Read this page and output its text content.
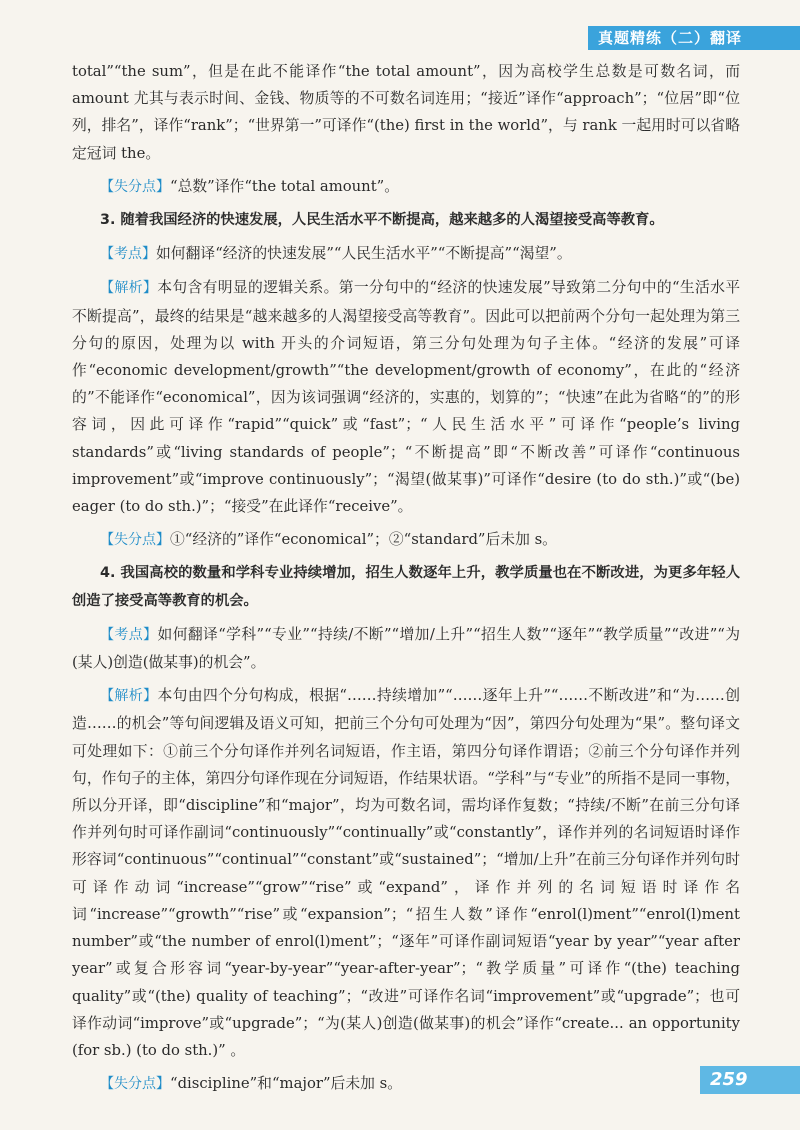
真题精练（二）翻译

total”“the sum”，但是在此不能译作“the total amount”，因为高校学生总数是可数名词，而amount 尤其与表示时间、金钱、物质等的不可数名词连用；“接近”译作“approach”；“位居”即“位列，排名”，译作“rank”；“世界第一”可译作“(the) first in the world”，与 rank 一起用时可以省略定冠词 the。

【失分点】“总数”译作“the total amount”。

3. 随着我国经济的快速发展，人民生活水平不断提高，越来越多的人渴望接受高等教育。

【考点】如何翻译“经济的快速发展”“人民生活水平”“不断提高”“渴望”。

【解析】本句含有明显的逻辑关系。第一分句中的“经济的快速发展”导致第二分句中的“生活水平不断提高”，最终的结果是“越来越多的人渴望接受高等教育”。因此可以把前两个分句一起处理为第三分句的原因，处理为以 with 开头的介词短语，第三分句处理为句子主体。“经济的发展”可译作“economic development/growth”“the development/growth of economy”，在此的“经济的”不能译作“economical”，因为该词强调“经济的，实惠的，划算的”；“快速”在此为省略“的”的形容词，因此可译作“rapid”“quick”或“fast”；“人民生活水平”可译作“people’s living standards”或“living standards of people”；“不断提高”即“不断改善”可译作“continuous improvement”或“improve continuously”；“渴望(做某事)”可译作“desire (to do sth.)”或“(be) eager (to do sth.)”；“接受”在此译作“receive”。

【失分点】①“经济的”译作“economical”；②“standard”后未加 s。

4. 我国高校的数量和学科专业持续增加，招生人数逐年上升，教学质量也在不断改进，为更多年轻人创造了接受高等教育的机会。

【考点】如何翻译“学科”“专业”“持续/不断”“增加/上升”“招生人数”“逐年”“教学质量”“改进”“为(某人)创造(做某事)的机会”。

【解析】本句由四个分句构成，根据“……持续增加”“……逐年上升”“……不断改进”和“为……创造……的机会”等句间逻辑及语义可知，把前三个分句可处理为“因”，第四分句处理为“果”。整句译文可处理如下：①前三个分句译作并列名词短语，作主语，第四分句译作谓语；②前三个分句译作并列句，作句子的主体，第四分句译作现在分词短语，作结果状语。“学科”与“专业”的所指不是同一事物，所以分开译，即“discipline”和“major”，均为可数名词，需均译作复数；“持续/不断”在前三分句译作并列句时可译作副词“continuously”“continually”或“constantly”，译作并列的名词短语时译作形容词“continuous”“continual”“constant”或“sustained”；“增加/上升”在前三分句译作并列句时可译作动词“increase”“grow”“rise”或“expand”，译作并列的名词短语时译作名词“increase”“growth”“rise”或“expansion”；“招生人数”译作“enrol(l)ment”“enrol(l)ment number”或“the number of enrol(l)ment”；“逐年”可译作副词短语“year by year”“year after year”或复合形容词“year-by-year”“year-after-year”；“教学质量”可译作“(the) teaching quality”或“(the) quality of teaching”；“改进”可译作名词“improvement”或“upgrade”；也可译作动词“improve”或“upgrade”；“为(某人)创造(做某事)的机会”译作“create... an opportunity (for sb.) (to do sth.)” 。

【失分点】“discipline”和“major”后未加 s。	259
